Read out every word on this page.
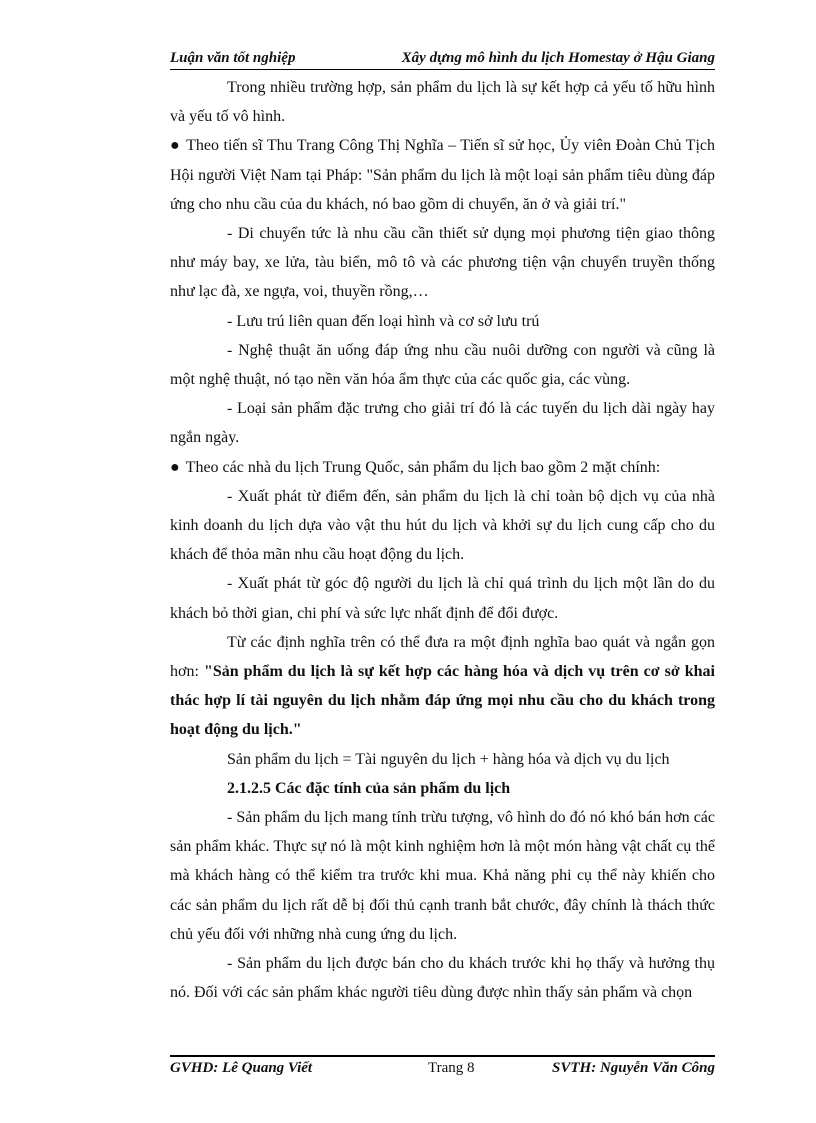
Luận văn tốt nghiệp	Xây dựng mô hình du lịch Homestay ở Hậu Giang

Trong nhiều trường hợp, sản phẩm du lịch là sự kết hợp cả yếu tố hữu hình và yếu tố vô hình.

● Theo tiến sĩ Thu Trang Công Thị Nghĩa – Tiến sĩ sử học, Ủy viên Đoàn Chủ Tịch Hội người Việt Nam tại Pháp: "Sản phẩm du lịch là một loại sản phẩm tiêu dùng đáp ứng cho nhu cầu của du khách, nó bao gồm di chuyển, ăn ở và giải trí."

- Di chuyển tức là nhu cầu cần thiết sử dụng mọi phương tiện giao thông như máy bay, xe lửa, tàu biển, mô tô và các phương tiện vận chuyển truyền thống như lạc đà, xe ngựa, voi, thuyền rồng,…

- Lưu trú liên quan đến loại hình và cơ sở lưu trú

- Nghệ thuật ăn uống đáp ứng nhu cầu nuôi dưỡng con người và cũng là một nghệ thuật, nó tạo nền văn hóa ẩm thực của các quốc gia, các vùng.

- Loại sản phẩm đặc trưng cho giải trí đó là các tuyến du lịch dài ngày hay ngắn ngày.

● Theo các nhà du lịch Trung Quốc, sản phẩm du lịch bao gồm 2 mặt chính:

- Xuất phát từ điểm đến, sản phẩm du lịch là chỉ toàn bộ dịch vụ của nhà kinh doanh du lịch dựa vào vật thu hút du lịch và khởi sự du lịch cung cấp cho du khách để thỏa mãn nhu cầu hoạt động du lịch.

- Xuất phát từ góc độ người du lịch là chỉ quá trình du lịch một lần do du khách bỏ thời gian, chi phí và sức lực nhất định để đổi được.

Từ các định nghĩa trên có thể đưa ra một định nghĩa bao quát và ngắn gọn hơn: "Sản phẩm du lịch là sự kết hợp các hàng hóa và dịch vụ trên cơ sở khai thác hợp lí tài nguyên du lịch nhằm đáp ứng mọi nhu cầu cho du khách trong hoạt động du lịch."

Sản phẩm du lịch = Tài nguyên du lịch + hàng hóa và dịch vụ du lịch

2.1.2.5 Các đặc tính của sản phẩm du lịch

- Sản phẩm du lịch mang tính trừu tượng, vô hình do đó nó khó bán hơn các sản phẩm khác. Thực sự nó là một kinh nghiệm hơn là một món hàng vật chất cụ thể mà khách hàng có thể kiểm tra trước khi mua. Khả năng phi cụ thể này khiến cho các sản phẩm du lịch rất dễ bị đối thủ cạnh tranh bắt chước, đây chính là thách thức chủ yếu đối với những nhà cung ứng du lịch.

- Sản phẩm du lịch được bán cho du khách trước khi họ thấy và hưởng thụ nó. Đối với các sản phẩm khác người tiêu dùng được nhìn thấy sản phẩm và chọn

GVHD: Lê Quang Viết	Trang 8	SVTH: Nguyễn Văn Công
